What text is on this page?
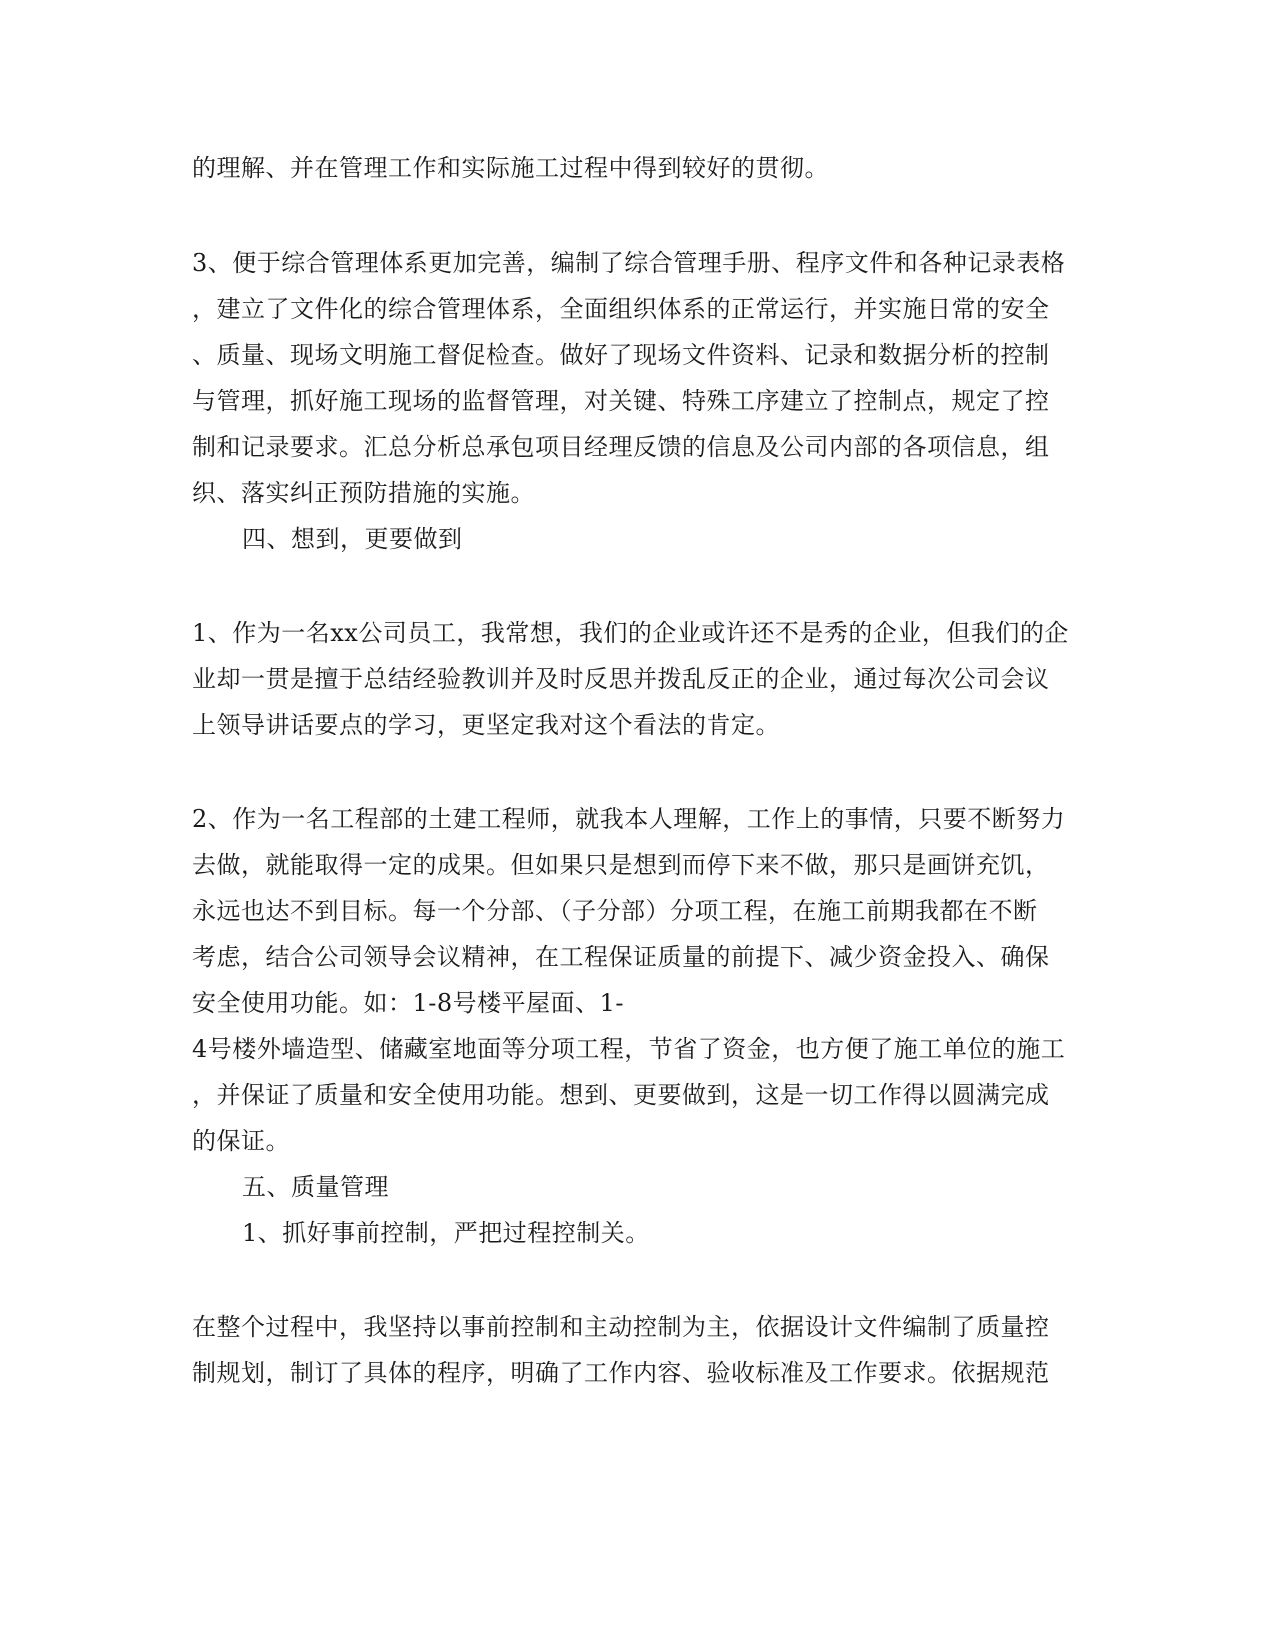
的理解、并在管理工作和实际施工过程中得到较好的贯彻。
3、便于综合管理体系更加完善，编制了综合管理手册、程序文件和各种记录表格
，建立了文件化的综合管理体系，全面组织体系的正常运行，并实施日常的安全
、质量、现场文明施工督促检查。做好了现场文件资料、记录和数据分析的控制
与管理，抓好施工现场的监督管理，对关键、特殊工序建立了控制点，规定了控
制和记录要求。汇总分析总承包项目经理反馈的信息及公司内部的各项信息，组
织、落实纠正预防措施的实施。
四、想到，更要做到
1、作为一名xx公司员工，我常想，我们的企业或许还不是秀的企业，但我们的企
业却一贯是擅于总结经验教训并及时反思并拨乱反正的企业，通过每次公司会议
上领导讲话要点的学习，更坚定我对这个看法的肯定。
2、作为一名工程部的土建工程师，就我本人理解，工作上的事情，只要不断努力
去做，就能取得一定的成果。但如果只是想到而停下来不做，那只是画饼充饥，
永远也达不到目标。每一个分部、（子分部）分项工程，在施工前期我都在不断
考虑，结合公司领导会议精神，在工程保证质量的前提下、减少资金投入、确保
安全使用功能。如：1-8号楼平屋面、1-
4号楼外墙造型、储藏室地面等分项工程，节省了资金，也方便了施工单位的施工
，并保证了质量和安全使用功能。想到、更要做到，这是一切工作得以圆满完成
的保证。
五、质量管理
1、抓好事前控制，严把过程控制关。
在整个过程中，我坚持以事前控制和主动控制为主，依据设计文件编制了质量控
制规划，制订了具体的程序，明确了工作内容、验收标准及工作要求。依据规范
